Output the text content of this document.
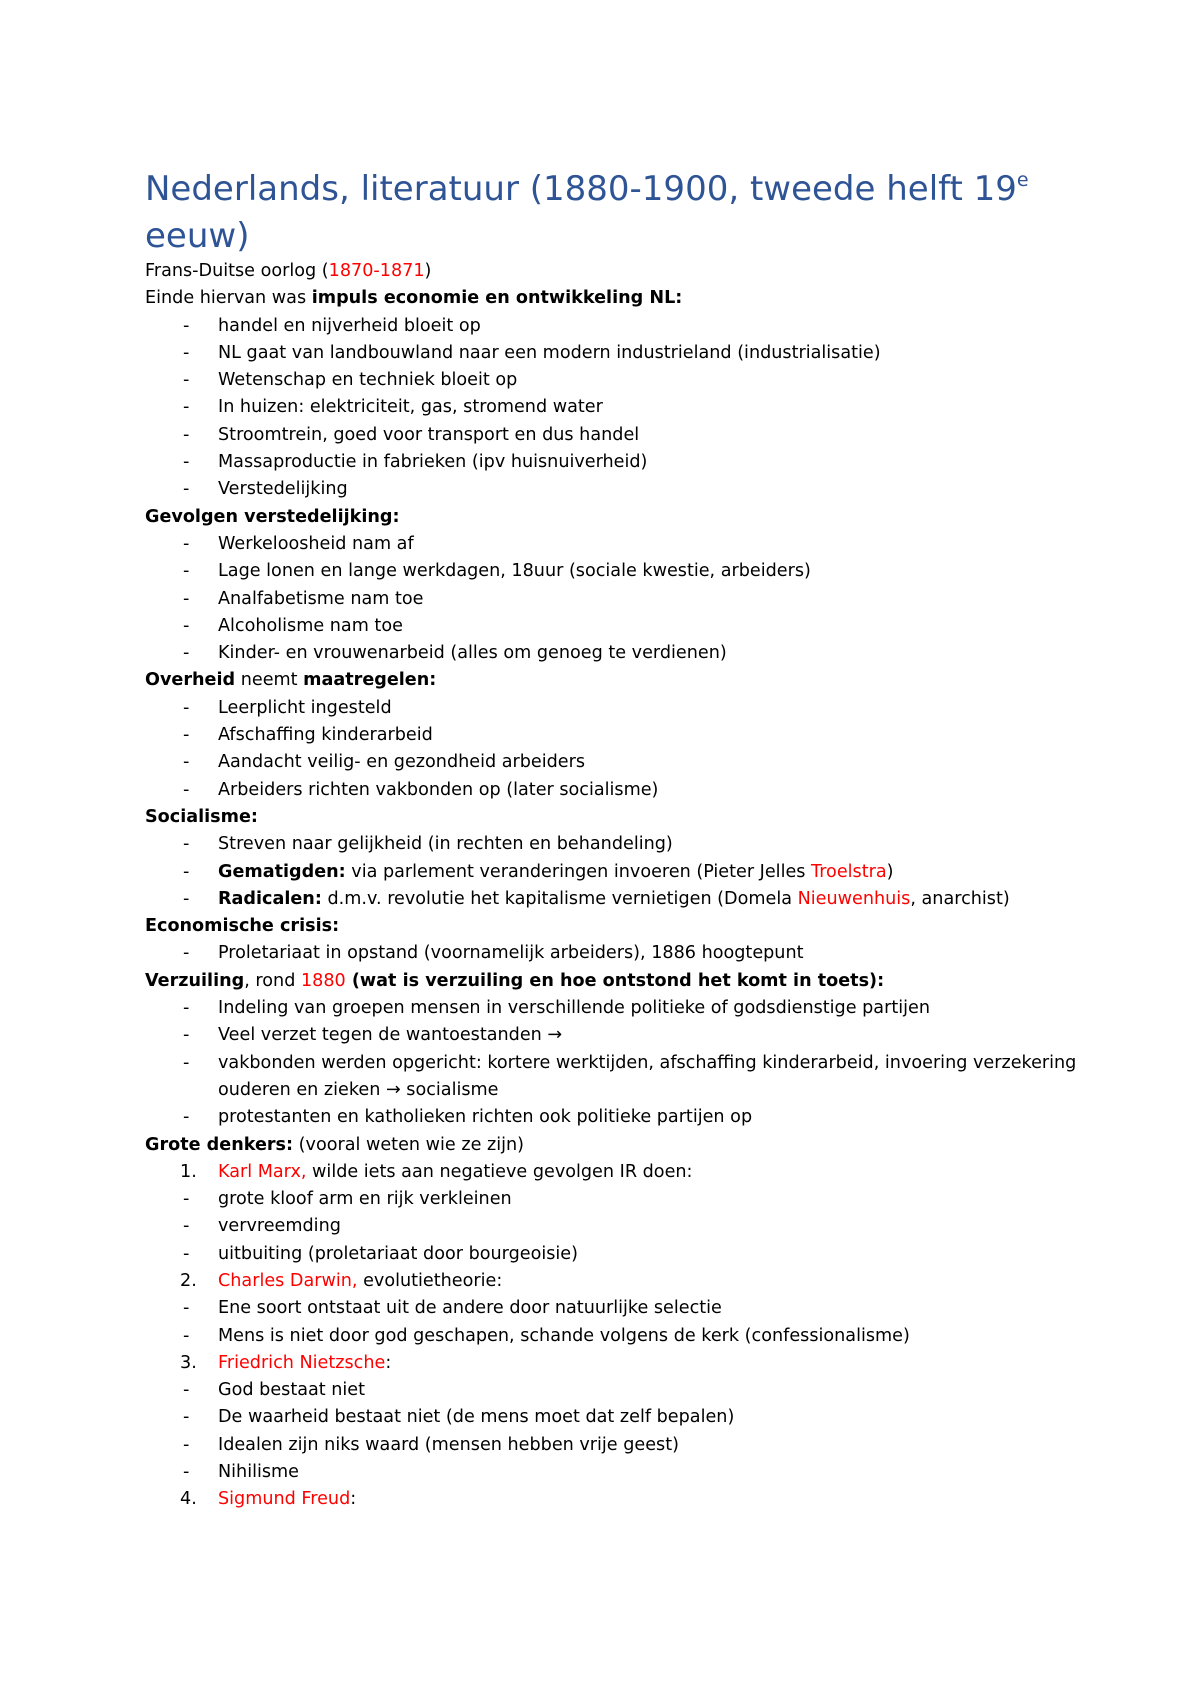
Nederlands, literatuur (1880-1900, tweede helft 19e eeuw)
Frans-Duitse oorlog (1870-1871)
Einde hiervan was impuls economie en ontwikkeling NL:
- handel en nijverheid bloeit op
- NL gaat van landbouwland naar een modern industrieland (industrialisatie)
- Wetenschap en techniek bloeit op
- In huizen: elektriciteit, gas, stromend water
- Stroomtrein, goed voor transport en dus handel
- Massaproductie in fabrieken (ipv huisnuiverheid)
- Verstedelijking
Gevolgen verstedelijking:
- Werkeloosheid nam af
- Lage lonen en lange werkdagen, 18uur (sociale kwestie, arbeiders)
- Analfabetisme nam toe
- Alcoholisme nam toe
- Kinder- en vrouwenarbeid (alles om genoeg te verdienen)
Overheid neemt maatregelen:
- Leerplicht ingesteld
- Afschaffing kinderarbeid
- Aandacht veilig- en gezondheid arbeiders
- Arbeiders richten vakbonden op (later socialisme)
Socialisme:
- Streven naar gelijkheid (in rechten en behandeling)
- Gematigden: via parlement veranderingen invoeren (Pieter Jelles Troelstra)
- Radicalen: d.m.v. revolutie het kapitalisme vernietigen (Domela Nieuwenhuis, anarchist)
Economische crisis:
- Proletariaat in opstand (voornamelijk arbeiders), 1886 hoogtepunt
Verzuiling, rond 1880 (wat is verzuiling en hoe ontstond het komt in toets):
- Indeling van groepen mensen in verschillende politieke of godsdienstige partijen
- Veel verzet tegen de wantoestanden →
- vakbonden werden opgericht: kortere werktijden, afschaffing kinderarbeid, invoering verzekering ouderen en zieken → socialisme
- protestanten en katholieken richten ook politieke partijen op
Grote denkers: (vooral weten wie ze zijn)
1. Karl Marx, wilde iets aan negatieve gevolgen IR doen:
- grote kloof arm en rijk verkleinen
- vervreemding
- uitbuiting (proletariaat door bourgeoisie)
2. Charles Darwin, evolutietheorie:
- Ene soort ontstaat uit de andere door natuurlijke selectie
- Mens is niet door god geschapen, schande volgens de kerk (confessionalisme)
3. Friedrich Nietzsche:
- God bestaat niet
- De waarheid bestaat niet (de mens moet dat zelf bepalen)
- Idealen zijn niks waard (mensen hebben vrije geest)
- Nihilisme
4. Sigmund Freud:
